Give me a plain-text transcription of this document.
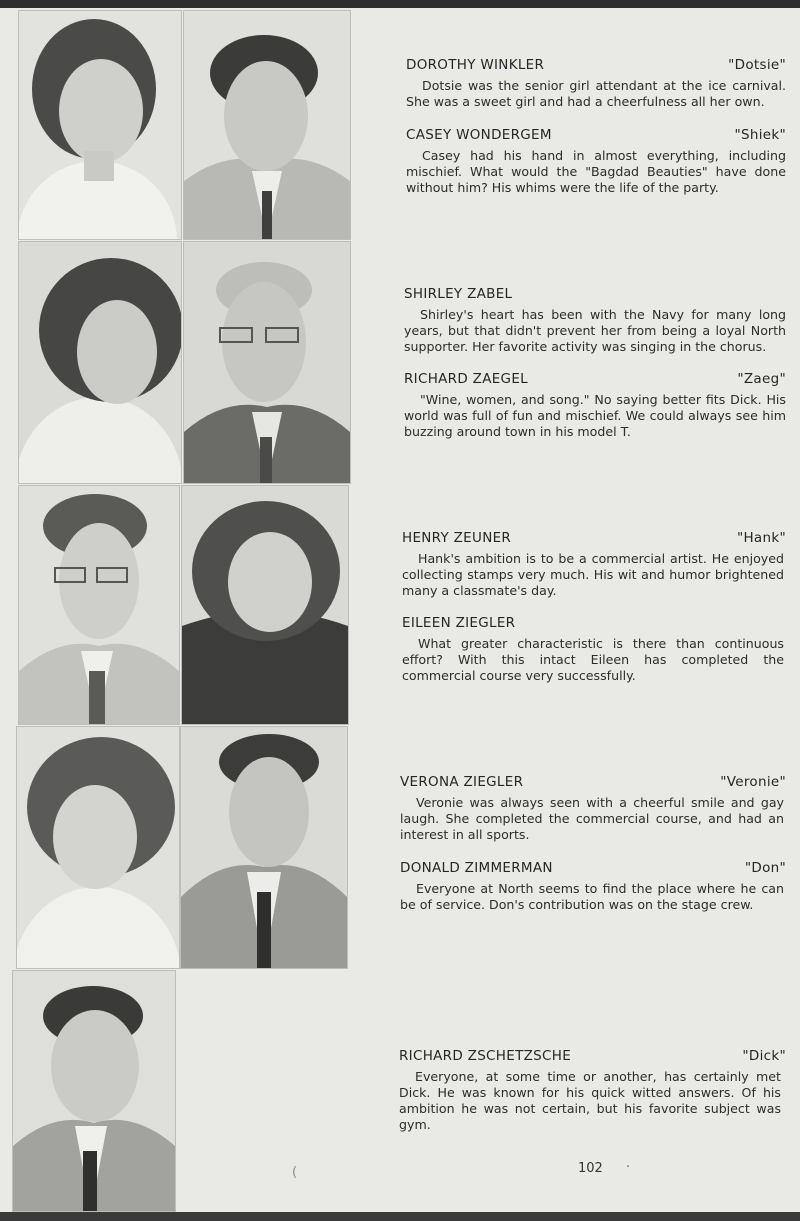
DOROTHY WINKLER	"Dotsie"

Dotsie was the senior girl attendant at the ice carnival. She was a sweet girl and had a cheerfulness all her own.

CASEY WONDERGEM	"Shiek"

Casey had his hand in almost everything, including mischief. What would the "Bagdad Beauties" have done without him? His whims were the life of the party.

SHIRLEY ZABEL

Shirley's heart has been with the Navy for many long years, but that didn't prevent her from being a loyal North supporter. Her favorite activity was singing in the chorus.

RICHARD ZAEGEL	"Zaeg"

"Wine, women, and song." No saying better fits Dick. His world was full of fun and mischief. We could always see him buzzing around town in his model T.

HENRY ZEUNER	"Hank"

Hank's ambition is to be a commercial artist. He enjoyed collecting stamps very much. His wit and humor brightened many a classmate's day.

EILEEN ZIEGLER

What greater characteristic is there than continuous effort? With this intact Eileen has completed the commercial course very successfully.

VERONA ZIEGLER	"Veronie"

Veronie was always seen with a cheerful smile and gay laugh. She completed the commercial course, and had an interest in all sports.

DONALD ZIMMERMAN	"Don"

Everyone at North seems to find the place where he can be of service. Don's contribution was on the stage crew.

RICHARD ZSCHETZSCHE	"Dick"

Everyone, at some time or another, has certainly met Dick. He was known for his quick witted answers. Of his ambition he was not certain, but his favorite subject was gym.

102 ·
(
